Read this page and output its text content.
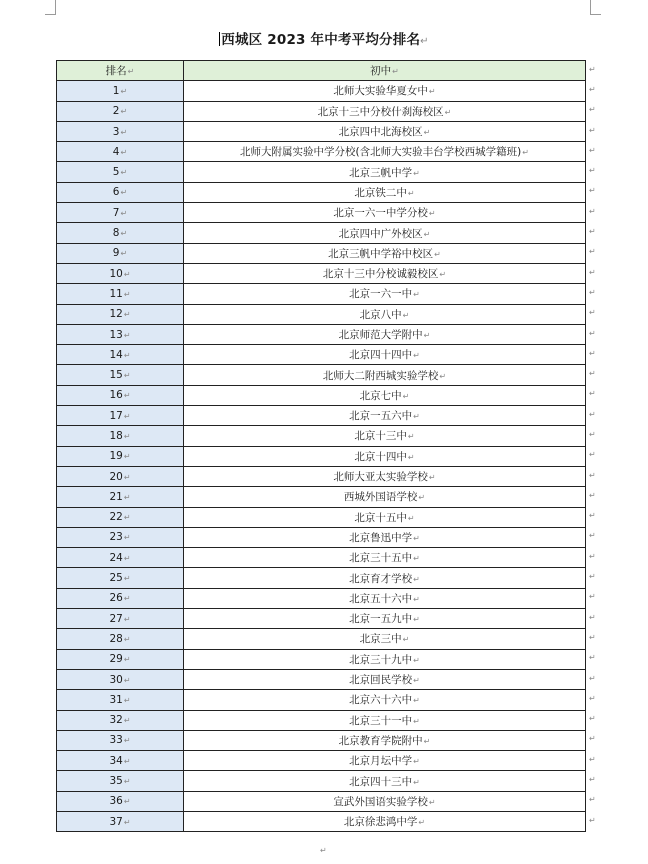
西城区 2023 年中考平均分排名↵
排名↵	初中↵
1↵	北师大实验华夏女中↵
2↵	北京十三中分校什刹海校区↵
3↵	北京四中北海校区↵
4↵	北师大附属实验中学分校(含北师大实验丰台学校西城学籍班)↵
5↵	北京三帆中学↵
6↵	北京铁二中↵
7↵	北京一六一中学分校↵
8↵	北京四中广外校区↵
9↵	北京三帆中学裕中校区↵
10↵	北京十三中分校诚毅校区↵
11↵	北京一六一中↵
12↵	北京八中↵
13↵	北京师范大学附中↵
14↵	北京四十四中↵
15↵	北师大二附西城实验学校↵
16↵	北京七中↵
17↵	北京一五六中↵
18↵	北京十三中↵
19↵	北京十四中↵
20↵	北师大亚太实验学校↵
21↵	西城外国语学校↵
22↵	北京十五中↵
23↵	北京鲁迅中学↵
24↵	北京三十五中↵
25↵	北京育才学校↵
26↵	北京五十六中↵
27↵	北京一五九中↵
28↵	北京三中↵
29↵	北京三十九中↵
30↵	北京回民学校↵
31↵	北京六十六中↵
32↵	北京三十一中↵
33↵	北京教育学院附中↵
34↵	北京月坛中学↵
35↵	北京四十三中↵
36↵	宣武外国语实验学校↵
37↵	北京徐悲鸿中学↵
↵
↵
↵
↵
↵
↵
↵
↵
↵
↵
↵
↵
↵
↵
↵
↵
↵
↵
↵
↵
↵
↵
↵
↵
↵
↵
↵
↵
↵
↵
↵
↵
↵
↵
↵
↵
↵
↵
↵
